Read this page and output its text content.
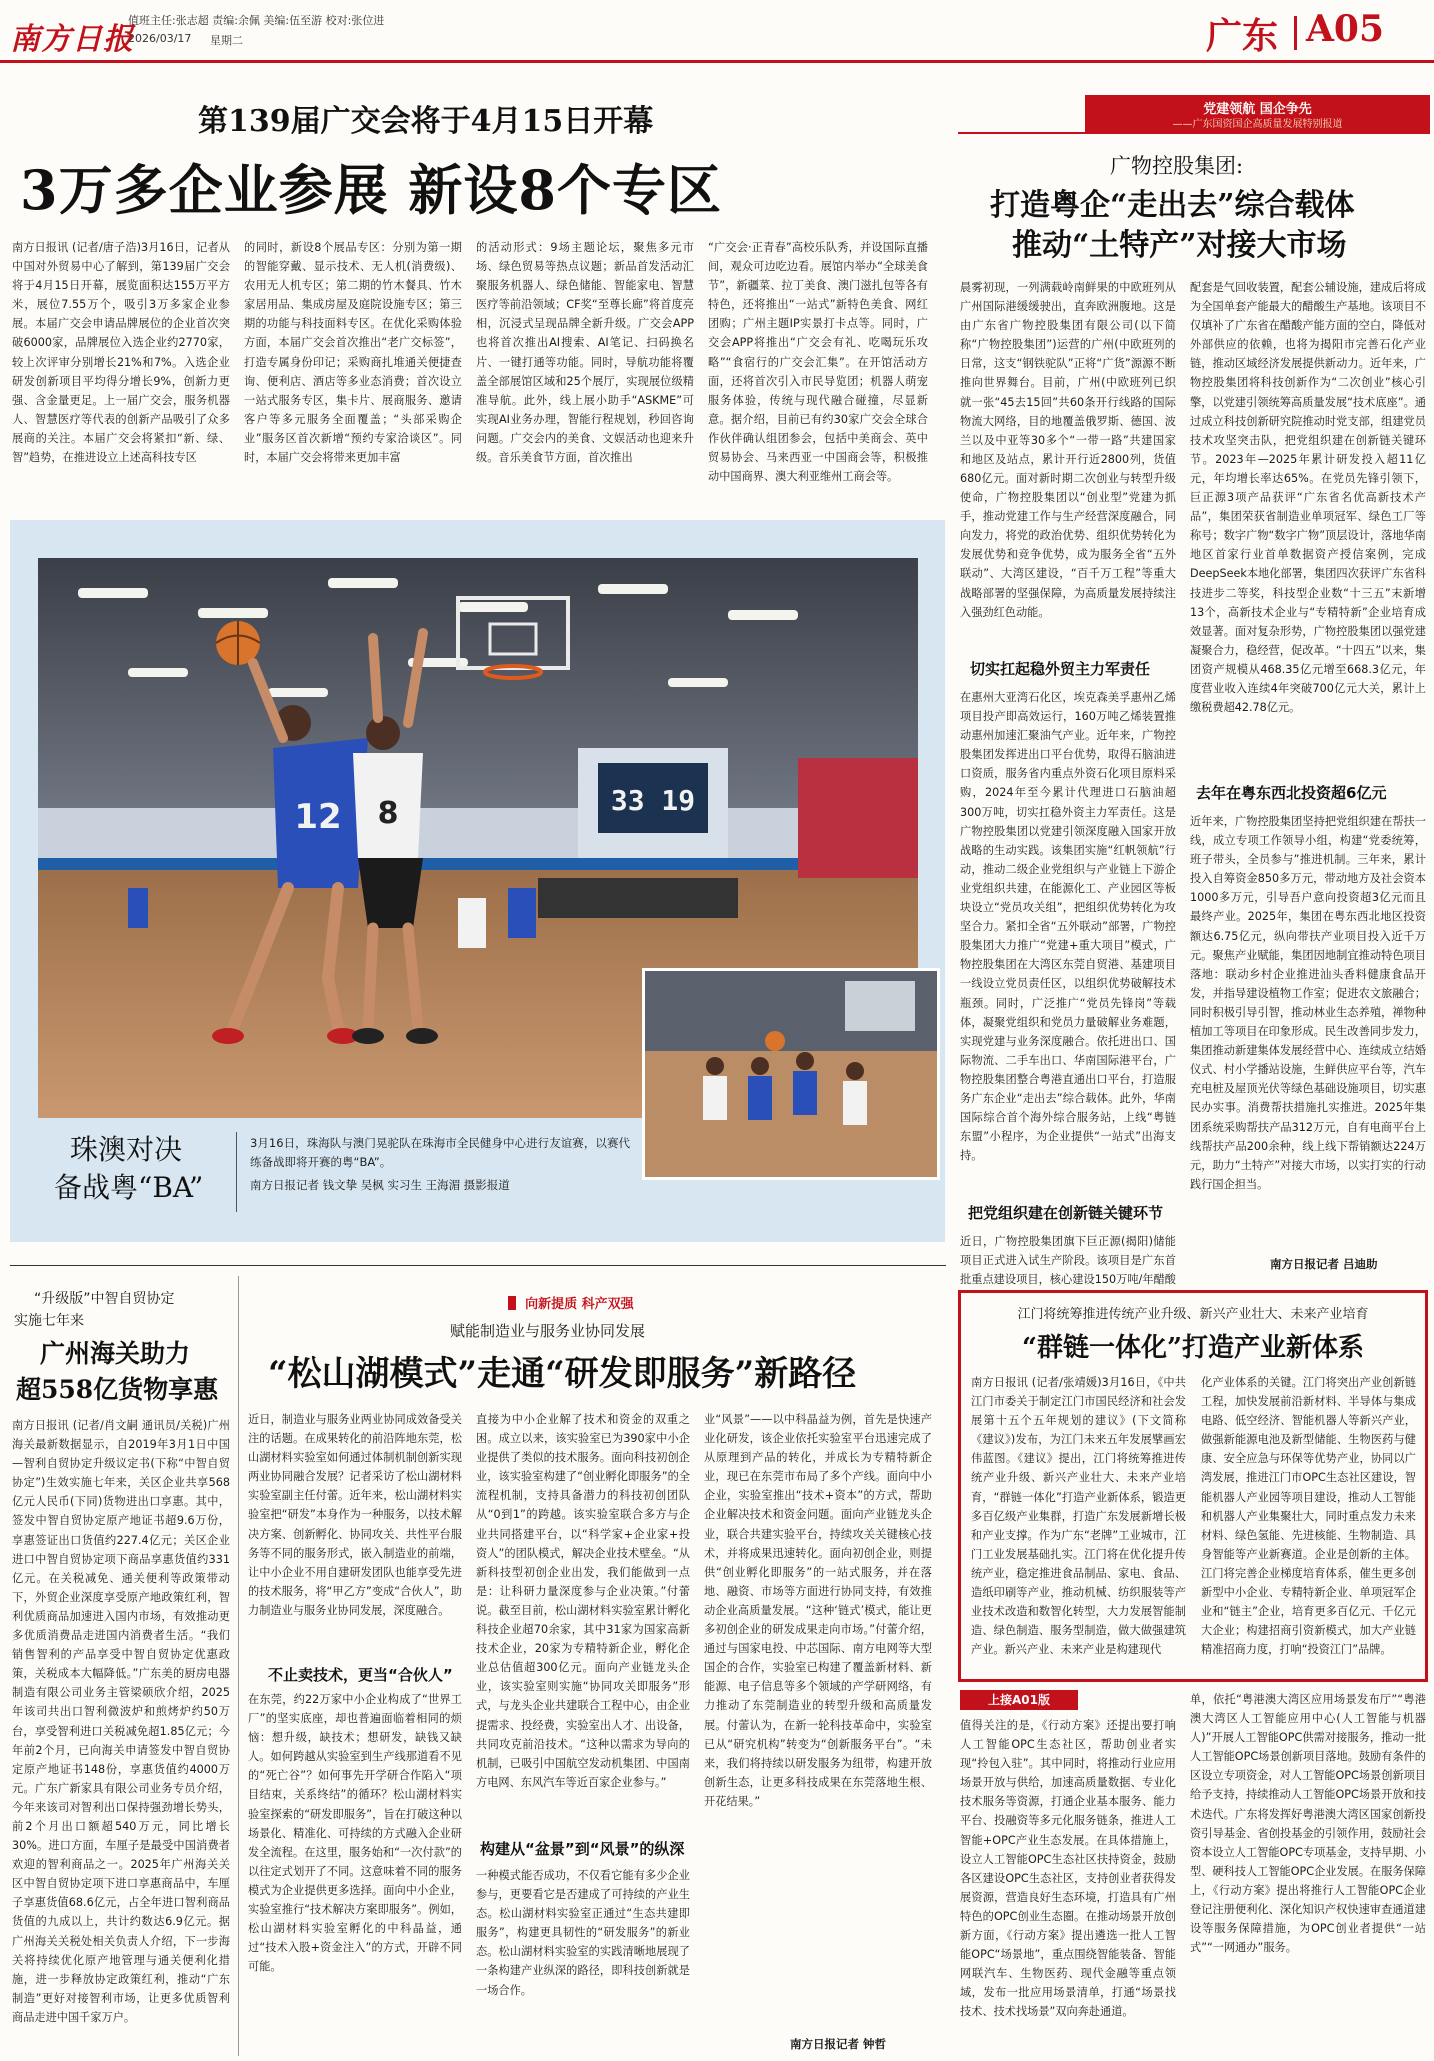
南方日报
值班主任:张志超 责编:余佩 美编:伍至游 校对:张位进
2026/03/17 星期二	广东 A05
第139届广交会将于4月15日开幕
3万多企业参展 新设8个专区
南方日报讯 (记者/唐子浩)3月16日，记者从中国对外贸易中心了解到，第139届广交会将于4月15日开幕，展览面积达155万平方米，展位7.55万个，吸引3万多家企业参展。本届广交会申请品牌展位的企业首次突破6000家，品牌展位入选企业约2770家，较上次评审分别增长21%和7%。入选企业研发创新项目平均得分增长9%，创新力更强、含金量更足。上一届广交会，服务机器人、智慧医疗等代表的创新产品吸引了众多展商的关注。本届广交会将紧扣“新、绿、智”趋势，在推进设立上述高科技专区
的同时，新设8个展品专区：分别为第一期的智能穿戴、显示技术、无人机(消费级)、农用无人机专区；第二期的竹木餐具、竹木家居用品、集成房屋及庭院设施专区；第三期的功能与科技面料专区。在优化采购体验方面，本届广交会首次推出“老广交标签”，打造专属身份印记；采购商扎堆通关便捷查询、便利店、酒店等多业态消费；首次设立一站式服务专区，集卡片、展商服务、邀请客户等多元服务全面覆盖；“头部采购企业”服务区首次新增“预约专家洽谈区”。同时，本届广交会将带来更加丰富
的活动形式：9场主题论坛，聚焦多元市场、绿色贸易等热点议题；新品首发活动汇聚服务机器人、绿色储能、智能家电、智慧医疗等前沿领域；CF奖“至尊长廊”将首度亮相，沉浸式呈现品牌全新升级。广交会APP也将首次推出AI搜索、AI笔记、扫码换名片、一键打通等功能。同时，导航功能将覆盖全部展馆区域和25个展厅，实现展位级精准导航。此外，线上展小助手“ASKME”可实现AI业务办理，智能行程规划，秒回咨询问题。广交会内的美食、文娱活动也迎来升级。音乐美食节方面，首次推出
“广交会·正青春”高校乐队秀，并设国际直播间，观众可边吃边看。展馆内举办“全球美食节”，新疆菜、拉丁美食、澳门滋扎包等各有特色，还将推出“一站式”新特色美食、网红团购；广州主题IP实景打卡点等。同时，广交会APP将推出“广交会有礼、吃喝玩乐攻略”“食宿行的广交会汇集”。在开馆活动方面，还将首次引入市民导览团；机器人萌宠服务体验，传统与现代融合碰撞，尽显新意。据介绍，目前已有约30家广交会全球合作伙伴确认组团参会，包括中美商会、英中贸易协会、马来西亚一中国商会等，积极推动中国商界、澳大利亚维州工商会等。
33 19
12 8
珠澳对决
备战粤“BA”
3月16日，珠海队与澳门晃驼队在珠海市全民健身中心进行友谊赛，以赛代练备战即将开赛的粤“BA”。
南方日报记者 钱文挚 吴枫 实习生 王海湄 摄影报道
党建领航 国企争先
——广东国资国企高质量发展特别报道
广物控股集团:
打造粤企“走出去”综合载体
推动“土特产”对接大市场
晨雾初现，一列满载岭南鲜果的中欧班列从广州国际港缓缓驶出，直奔欧洲腹地。这是由广东省广物控股集团有限公司(以下简称“广物控股集团”)运营的广州(中欧班列的日常，这支“钢铁驼队”正将“广货”源源不断推向世界舞台。目前，广州(中欧班列已织就一张“45去15回”共60条开行线路的国际物流大网络，目的地覆盖俄罗斯、德国、波兰以及中亚等30多个“一带一路”共建国家和地区及站点，累计开行近2800列，货值680亿元。面对新时期二次创业与转型升级使命，广物控股集团以“创业型”党建为抓手，推动党建工作与生产经营深度融合，同向发力，将党的政治优势、组织优势转化为发展优势和竞争优势，成为服务全省“五外联动”、大湾区建设，“百千万工程”等重大战略部署的坚强保障，为高质量发展持续注入强劲红色动能。
切实扛起稳外贸主力军责任
在惠州大亚湾石化区，埃克森美孚惠州乙烯项目投产即高效运行，160万吨乙烯装置推动惠州加速汇聚油气产业。近年来，广物控股集团发挥进出口平台优势，取得石脑油进口资质，服务省内重点外资石化项目原料采购，2024年至今累计代理进口石脑油超300万吨，切实扛稳外资主力军责任。这是广物控股集团以党建引领深度融入国家开放战略的生动实践。该集团实施“红帆领航”行动，推动二级企业党组织与产业链上下游企业党组织共建，在能源化工、产业园区等板块设立“党员攻关组”，把组织优势转化为攻坚合力。紧扣全省“五外联动”部署，广物控股集团大力推广“党建+重大项目”模式，广物控股集团在大湾区东莞自贸港、基建项目一线设立党员责任区，以组织优势破解技术瓶颈。同时，广泛推广“党员先锋岗”等载体，凝聚党组织和党员力量破解业务难题，实现党建与业务深度融合。依托进出口、国际物流、二手车出口、华南国际港平台，广物控股集团整合粤港直通出口平台，打造服务广东企业“走出去”综合载体。此外，华南国际综合首个海外综合服务站，上线“粤链东盟”小程序，为企业提供“一站式”出海支持。
把党组织建在创新链关键环节
近日，广物控股集团旗下巨正源(揭阳)储能项目正式进入试生产阶段。该项目是广东首批重点建设项目，核心建设150万吨/年醋酸
配套是气回收装置，配套公辅设施，建成后将成为全国单套产能最大的醋酸生产基地。该项目不仅填补了广东省在醋酸产能方面的空白，降低对外部供应的依赖，也将为揭阳市完善石化产业链，推动区域经济发展提供新动力。近年来，广物控股集团将科技创新作为“二次创业”核心引擎，以党建引领统筹高质量发展“技术底座”。通过成立科技创新研究院推动时党支部，组建党员技术攻坚突击队，把党组织建在创新链关键环节。2023年—2025年累计研发投入超11亿元，年均增长率达65%。在党员先锋引领下，巨正源3项产品获评“广东省名优高新技术产品”，集团荣获省制造业单项冠军、绿色工厂等称号；数字广物“数字广物”顶层设计，落地华南地区首家行业首单数据资产授信案例，完成DeepSeek本地化部署，集团四次获评广东省科技进步二等奖，科技型企业数“十三五”末新增13个，高新技术企业与“专精特新”企业培育成效显著。面对复杂形势，广物控股集团以强党建凝聚合力，稳经营，促改革。“十四五”以来，集团资产规模从468.35亿元增至668.3亿元，年度营业收入连续4年突破700亿元大关，累计上缴税费超42.78亿元。
去年在粤东西北投资超6亿元
近年来，广物控股集团坚持把党组织建在帮扶一线，成立专项工作领导小组，构建“党委统筹，班子带头，全员参与”推进机制。三年来，累计投入自筹资金850多万元，带动地方及社会资本1000多万元，引导吾户意向投资超3亿元而且最终产业。2025年，集团在粤东西北地区投资额达6.75亿元，纵向带扶产业项目投入近千万元。聚焦产业赋能，集团因地制宜推动特色项目落地：联动乡村企业推进汕头香料健康食品开发，并指导建设植物工作室；促进农文旅融合；同时积极引导引智，推动林业生态养殖，禅物种植加工等项目在印象形成。民生改善同步发力，集团推动新建集体发展经营中心、连续成立结婚仪式、村小学播站设施，生鲜供应平台等，汽车充电桩及屋顶光伏等绿色基础设施项目，切实惠民办实事。消费帮扶措施扎实推进。2025年集团系统采购帮扶产品312万元，自有电商平台上线帮扶产品200余种，线上线下帮销额达224万元，助力“土特产”对接大市场，以实打实的行动践行国企担当。
南方日报记者 吕迪助
江门将统筹推进传统产业升级、新兴产业壮大、未来产业培育
“群链一体化”打造产业新体系
南方日报讯 (记者/张靖媛)3月16日，《中共江门市委关于制定江门市国民经济和社会发展第十五个五年规划的建议》(下文简称《建议》)发布，为江门未来五年发展擘画宏伟蓝图。《建议》提出，江门将统筹推进传统产业升级、新兴产业壮大、未来产业培育，“群链一体化”打造产业新体系，锻造更多百亿级产业集群，打造广东发展新增长极和产业支撑。作为广东“老牌”工业城市，江门工业发展基础扎实。江门将在优化提升传统产业，稳定推进食品制品、家电、食品、造纸印刷等产业，推动机械、纺织服装等产业技术改造和数智化转型，大力发展智能制造、绿色制造、服务型制造，做大做强建筑产业。新兴产业、未来产业是构建现代
化产业体系的关键。江门将突出产业创新链工程，加快发展前沿新材料、半导体与集成电路、低空经济、智能机器人等新兴产业，做强新能源电池及新型储能、生物医药与健康、安全应急与环保等优势产业，协同以广湾发展，推进江门市OPC生态社区建设，智能机器人产业园等项目建设，推动人工智能和机器人产业集聚壮大，同时重点发力未来材料、绿色氢能、先进核能、生物制造、具身智能等产业新赛道。企业是创新的主体。江门将完善企业梯度培育体系，催生更多创新型中小企业、专精特新企业、单项冠军企业和“链主”企业，培育更多百亿元、千亿元大企业；构建招商引资新模式，加大产业链精准招商力度，打响“投资江门”品牌。
“升级版”中智自贸协定
实施七年来
广州海关助力
超558亿货物享惠
南方日报讯 (记者/肖文嗣 通讯员/关税)广州海关最新数据显示，自2019年3月1日中国—智利自贸协定升级议定书(下称“中智自贸协定”)生效实施七年来，关区企业共享568亿元人民币(下同)货物进出口享惠。其中，签发中智自贸协定原产地证书超9.6万份，享惠签证出口货值约227.4亿元；关区企业进口中智自贸协定项下商品享惠货值约331亿元。在关税减免、通关便利等政策带动下，外贸企业深度享受原产地政策红利，智利优质商品加速进入国内市场，有效推动更多优质消费品走进国内消费者生活。“我们销售智利的产品享受中智自贸协定优惠政策，关税成本大幅降低。”广东美的厨房电器制造有限公司业务主管梁硕欣介绍，2025年该司共出口智利微波炉和煎烤炉约50万台，享受智利进口关税减免超1.85亿元；今年前2个月，已向海关申请签发中智自贸协定原产地证书148份，享惠货值约4000万元。广东广新家具有限公司业务专员介绍，今年来该司对智利出口保持强劲增长势头，前2个月出口额超540万元，同比增长30%。进口方面，车厘子是最受中国消费者欢迎的智利商品之一。2025年广州海关关区中智自贸协定项下进口享惠商品中，车厘子享惠货值68.6亿元，占全年进口智利商品货值的九成以上，共计约数达6.9亿元。据广州海关关税处相关负责人介绍，下一步海关将持续优化原产地管理与通关便利化措施，进一步释放协定政策红利，推动“广东制造”更好对接智利市场，让更多优质智利商品走进中国千家万户。
向新提质 科产双强
赋能制造业与服务业协同发展
“松山湖模式”走通“研发即服务”新路径
近日，制造业与服务业两业协同成效备受关注的话题。在成果转化的前沿阵地东莞，松山湖材料实验室如何通过体制机制创新实现两业协同融合发展？记者采访了松山湖材料实验室副主任付蕾。近年来，松山湖材料实验室把“研发”本身作为一种服务，以技术解决方案、创新孵化、协同攻关、共性平台服务等不同的服务形式，嵌入制造业的前端，让中小企业不用自建研发团队也能享受先进的技术服务，将“甲乙方”变成“合伙人”，助力制造业与服务业协同发展，深度融合。
不止卖技术，更当“合伙人”
在东莞，约22万家中小企业构成了“世界工厂”的坚实底座，却也普遍面临着相同的烦恼：想升级，缺技术；想研发，缺钱又缺人。如何跨越从实验室到生产线那道看不见的“死亡谷”？如何事先开学研合作陷入“项目结束，关系终结”的循环？松山湖材料实验室探索的“研发即服务”，旨在打破这种以场景化、精准化、可持续的方式融入企业研发全流程。在这里，服务始和“一次付款”的以往定式划开了不同。这意味着不同的服务模式为企业提供更多选择。面向中小企业，实验室推行“技术解决方案即服务”。例如，松山湖材料实验室孵化的中科晶益，通过“技术入股+资金注入”的方式，开辟不同可能。
直接为中小企业解了技术和资金的双重之困。成立以来，该实验室已为390家中小企业提供了类似的技术服务。面向科技初创企业，该实验室构建了“创业孵化即服务”的全流程机制，支持具备潜力的科技初创团队从“0到1”的跨越。该实验室联合多方与企业共同搭建平台，以“科学家+企业家+投资人”的团队模式，解决企业技术壁垒。“从新科技型初创企业出发，我们能做到一点是：让科研力量深度参与企业决策。”付蕾说。截至目前，松山湖材料实验室累计孵化科技企业超70余家，其中31家为国家高新技术企业，20家为专精特新企业，孵化企业总估值超300亿元。面向产业链龙头企业，该实验室则实施“协同攻关即服务”形式，与龙头企业共建联合工程中心，由企业提需求、投经费，实验室出人才、出设备，共同攻克前沿技术。“这种以需求为导向的机制，已吸引中国航空发动机集团、中国南方电网、东风汽车等近百家企业参与。”
构建从“盆景”到“风景”的纵深
一种模式能否成功，不仅看它能有多少企业参与，更要看它是否建成了可持续的产业生态。松山湖材料实验室正通过“生态共建即服务”，构建更具韧性的“研发服务”的新业态。松山湖材料实验室的实践清晰地展现了一条构建产业纵深的路径，即科技创新就是一场合作。
业“风景”——以中科晶益为例，首先是快速产业化研发，该企业依托实验室平台迅速完成了从原理到产品的转化，并成长为专精特新企业，现已在东莞市布局了多个产线。面向中小企业，实验室推出“技术+资本”的方式，帮助企业解决技术和资金问题。面向产业链龙头企业，联合共建实验平台，持续攻关关键核心技术，并将成果迅速转化。面向初创企业，则提供“创业孵化即服务”的一站式服务，并在落地、融资、市场等方面进行协同支持，有效推动企业高质量发展。“这种‘链式’模式，能让更多初创企业的研发成果走向市场。”付蕾介绍，通过与国家电投、中芯国际、南方电网等大型国企的合作，实验室已构建了覆盖新材料、新能源、电子信息等多个领域的产学研网络，有力推动了东莞制造业的转型升级和高质量发展。付蕾认为，在新一轮科技革命中，实验室已从“研究机构”转变为“创新服务平台”。“未来，我们将持续以研发服务为纽带，构建开放创新生态，让更多科技成果在东莞落地生根、开花结果。”
南方日报记者 钟哲
上接A01版
值得关注的是，《行动方案》还提出要打响人工智能OPC生态社区，帮助创业者实现“拎包入驻”。其中同时，将推动行业应用场景开放与供给，加速高质量数据、专业化技术服务等资源，打通企业基本服务、能力平台、投融资等多元化服务链条，推进人工智能+OPC产业生态发展。在具体措施上，设立人工智能OPC生态社区扶持资金，鼓励各区建设OPC生态社区，支持创业者获得发展资源，营造良好生态环境，打造具有广州特色的OPC创业生态圈。在推动场景开放创新方面，《行动方案》提出遴选一批人工智能OPC“场景地”，重点围绕智能装备、智能网联汽车、生物医药、现代金融等重点领域，发布一批应用场景清单，打通“场景找技术、技术找场景”双向奔赴通道。
单，依托“粤港澳大湾区应用场景发布厅”“粤港澳大湾区人工智能应用中心(人工智能与机器人)”开展人工智能OPC供需对接服务，推动一批人工智能OPC场景创新项目落地。鼓励有条件的区设立专项资金，对人工智能OPC场景创新项目给予支持，持续推动人工智能OPC场景开放和技术迭代。广东将发挥好粤港澳大湾区国家创新投资引导基金、省创投基金的引领作用，鼓励社会资本设立人工智能OPC专项基金，支持早期、小型、硬科技人工智能OPC企业发展。在服务保障上，《行动方案》提出将推行人工智能OPC企业登记注册便利化、深化知识产权快速审查通道建设等服务保障措施，为OPC创业者提供“一站式”“一网通办”服务。
